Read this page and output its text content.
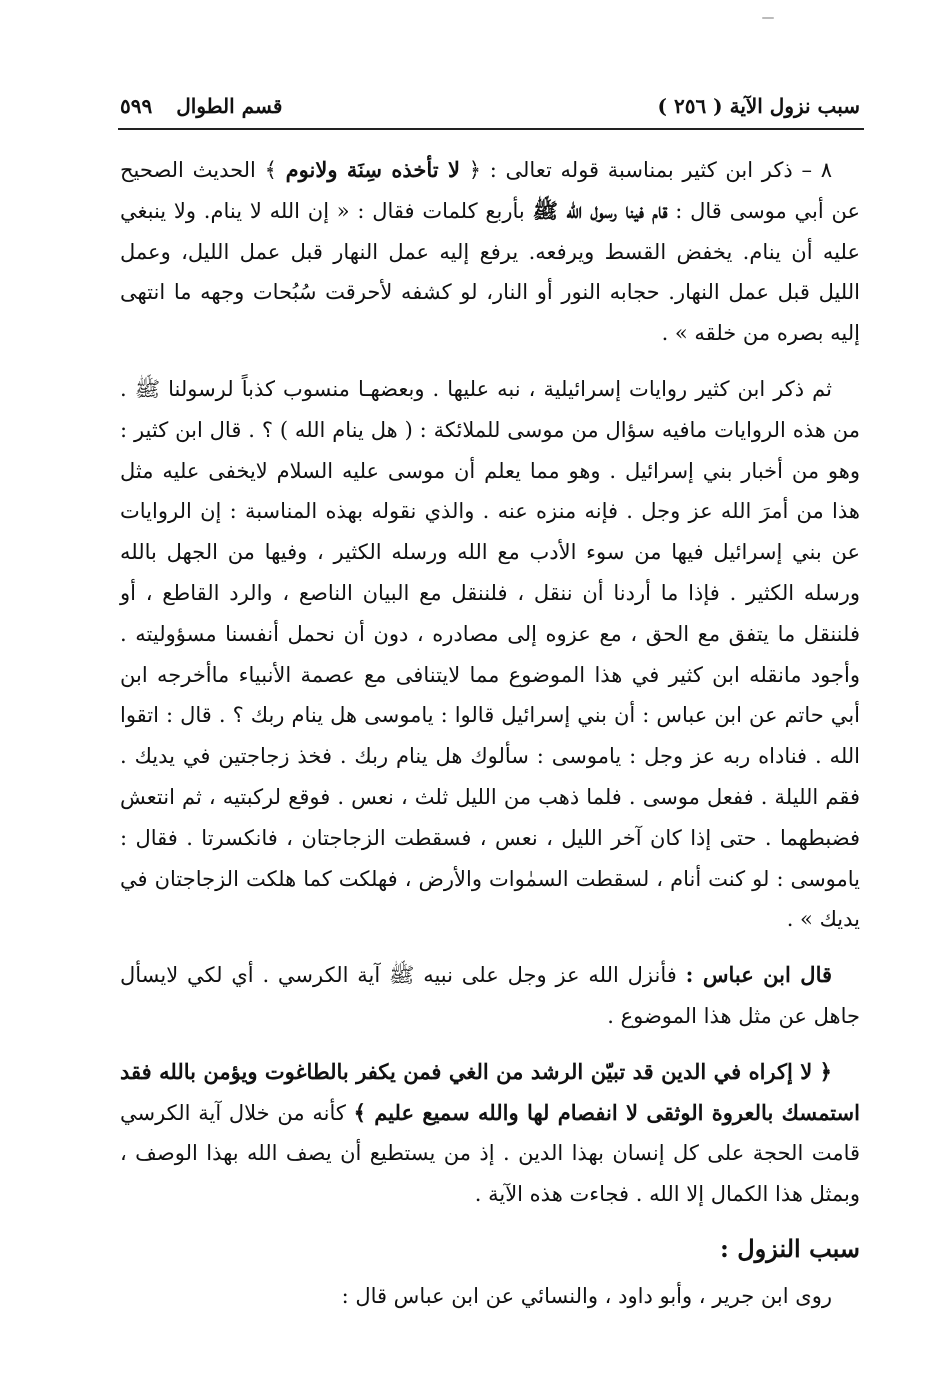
سبب نزول الآية ( ٢٥٦ )
قسم الطوال
٥٩٩

٨ – ذكر ابن كثير بمناسبة قوله تعالى : ﴿ لا تأخذه سِنَة ولانوم ﴾ الحديث الصحيح عن أبي موسى قال : قام فينا رسول الله ﷺ بأربع كلمات فقال : « إن الله لا ينام. ولا ينبغي عليه أن ينام. يخفض القسط ويرفعه. يرفع إليه عمل النهار قبل عمل الليل، وعمل الليل قبل عمل النهار. حجابه النور أو النار، لو كشفه لأحرقت سُبُحات وجهه ما انتهى إليه بصره من خلقه » .

ثم ذكر ابن كثير روايات إسرائيلية ، نبه عليها . وبعضهـا منسوب كذباً لرسولنا ﷺ . من هذه الروايات مافيه سؤال من موسى للملائكة : ( هل ينام الله ) ؟ . قال ابن كثير : وهو من أخبار بني إسرائيل . وهو مما يعلم أن موسى عليه السلام لايخفى عليه مثل هذا من أمرَ الله عز وجل . فإنه منزه عنه . والذي نقوله بهذه المناسبة : إن الروايات عن بني إسرائيل فيها من سوء الأدب مع الله ورسله الكثير ، وفيها من الجهل بالله ورسله الكثير . فإذا ما أردنا أن ننقل ، فلننقل مع البيان الناصع ، والرد القاطع ، أو فلننقل ما يتفق مع الحق ، مع عزوه إلى مصادره ، دون أن نحمل أنفسنا مسؤوليته . وأجود مانقله ابن كثير في هذا الموضوع مما لايتنافى مع عصمة الأنبياء ماأخرجه ابن أبي حاتم عن ابن عباس : أن بني إسرائيل قالوا : ياموسى هل ينام ربك ؟ . قال : اتقوا الله . فناداه ربه عز وجل : ياموسى : سألوك هل ينام ربك . فخذ زجاجتين في يديك . فقم الليلة . ففعل موسى . فلما ذهب من الليل ثلث ، نعس . فوقع لركبتيه ، ثم انتعش فضبطهما . حتى إذا كان آخر الليل ، نعس ، فسقطت الزجاجتان ، فانكسرتا . فقال : ياموسى : لو كنت أنام ، لسقطت السمٰوات والأرض ، فهلكت كما هلكت الزجاجتان في يديك » .

قال ابن عباس : فأنزل الله عز وجل على نبيه ﷺ آية الكرسي . أي لكي لايسأل جاهل عن مثل هذا الموضوع .

﴿ لا إكراه في الدين قد تبيّن الرشد من الغي فمن يكفر بالطاغوت ويؤمن بالله فقد استمسك بالعروة الوثقى لا انفصام لها والله سميع عليم ﴾ كأنه من خلال آية الكرسي قامت الحجة على كل إنسان بهذا الدين . إذ من يستطيع أن يصف الله بهذا الوصف ، وبمثل هذا الكمال إلا الله . فجاءت هذه الآية .

سبب النزول :

روى ابن جرير ، وأبو داود ، والنسائي عن ابن عباس قال :
